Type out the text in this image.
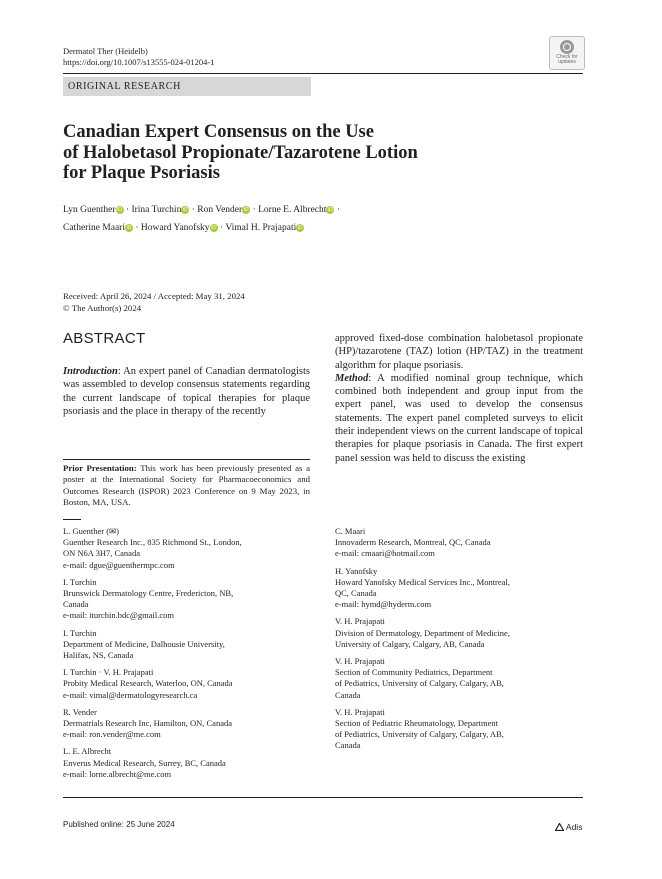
Dermatol Ther (Heidelb)
https://doi.org/10.1007/s13555-024-01204-1	Check for
updates
ORIGINAL RESEARCH
Canadian Expert Consensus on the Use
of Halobetasol Propionate/Tazarotene Lotion
for Plaque Psoriasis
Lyn Guenther iD · Irina Turchin iD · Ron Vender iD · Lorne E. Albrecht iD ·
Catherine Maari iD · Howard Yanofsky iD · Vimal H. Prajapati iD
Received: April 26, 2024 / Accepted: May 31, 2024
© The Author(s) 2024
ABSTRACT
Introduction: An expert panel of Canadian dermatologists was assembled to develop consensus statements regarding the current landscape of topical therapies for plaque psoriasis and the place in therapy of the recently

approved fixed-dose combination halobetasol propionate (HP)/tazarotene (TAZ) lotion (HP/TAZ) in the treatment algorithm for plaque psoriasis.

Method: A modified nominal group technique, which combined both independent and group input from the expert panel, was used to develop the consensus statements. The expert panel completed surveys to elicit their independent views on the current landscape of topical therapies for plaque psoriasis in Canada. The first expert panel session was held to discuss the existing

Prior Presentation: This work has been previously presented as a poster at the International Society for Pharmacoeconomics and Outcomes Research (ISPOR) 2023 Conference on 9 May 2023, in Boston, MA, USA.
L. Guenther (✉)
Guenther Research Inc., 835 Richmond St., London,
ON N6A 3H7, Canada
e-mail: dgue@guenthermpc.com
I. Turchin
Brunswick Dermatology Centre, Fredericton, NB,
Canada
e-mail: iturchin.bdc@gmail.com
I. Turchin
Department of Medicine, Dalhousie University,
Halifax, NS, Canada
I. Turchin · V. H. Prajapati
Probity Medical Research, Waterloo, ON, Canada
e-mail: vimal@dermatologyresearch.ca
R. Vender
Dermatrials Research Inc, Hamilton, ON, Canada
e-mail: ron.vender@me.com
L. E. Albrecht
Enverus Medical Research, Surrey, BC, Canada
e-mail: lorne.albrecht@me.com
C. Maari
Innovaderm Research, Montreal, QC, Canada
e-mail: cmaari@hotmail.com
H. Yanofsky
Howard Yanofsky Medical Services Inc., Montreal,
QC, Canada
e-mail: hymd@hyderm.com
V. H. Prajapati
Division of Dermatology, Department of Medicine,
University of Calgary, Calgary, AB, Canada
V. H. Prajapati
Section of Community Pediatrics, Department
of Pediatrics, University of Calgary, Calgary, AB,
Canada
V. H. Prajapati
Section of Pediatric Rheumatology, Department
of Pediatrics, University of Calgary, Calgary, AB,
Canada
Published online: 25 June 2024	Adis
